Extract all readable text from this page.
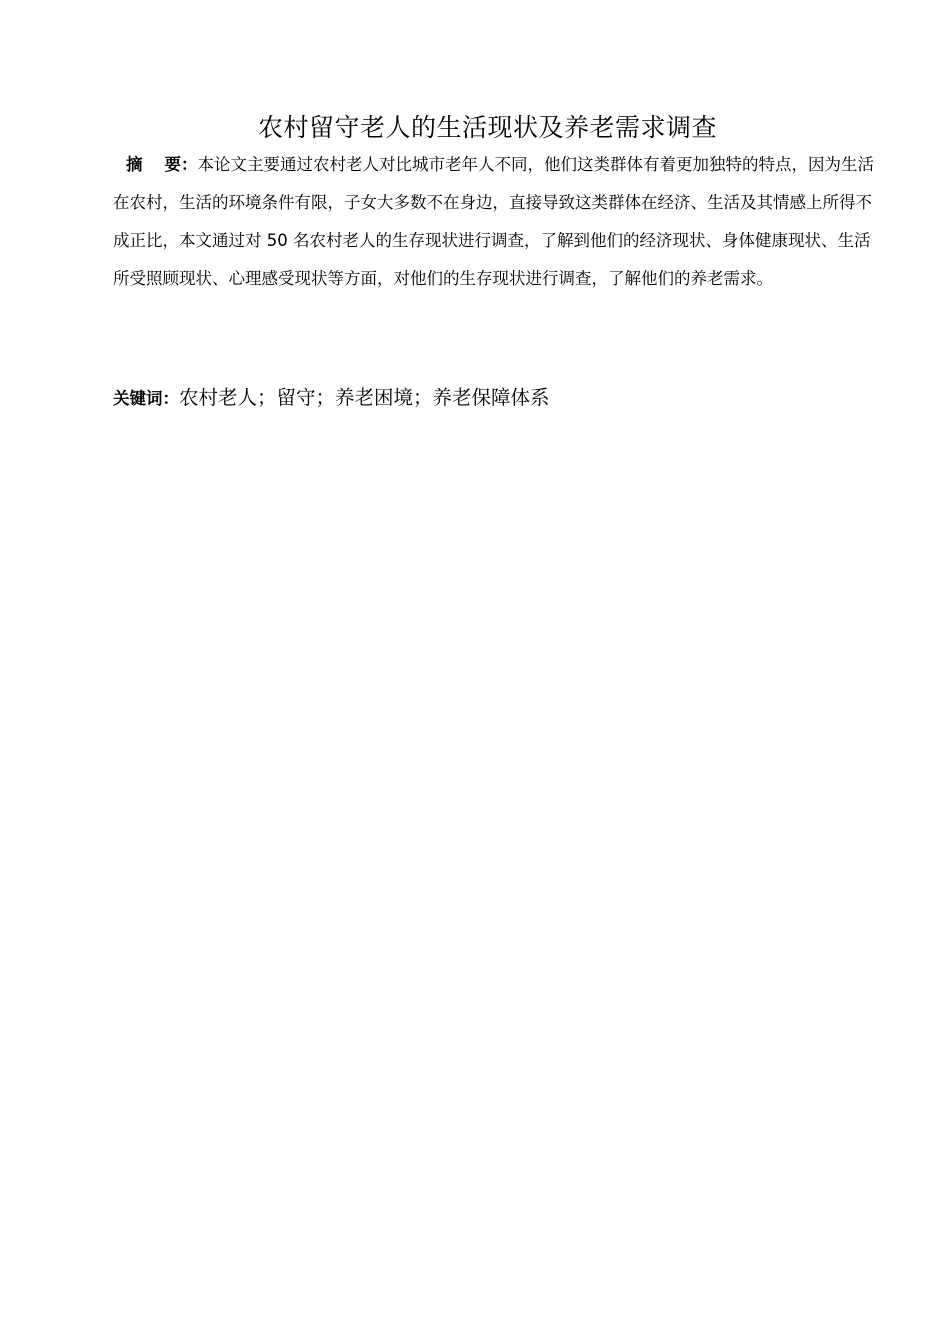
农村留守老人的生活现状及养老需求调查
摘 要：本论文主要通过农村老人对比城市老年人不同，他们这类群体有着更加独特的特点，因为生活在农村，生活的环境条件有限，子女大多数不在身边，直接导致这类群体在经济、生活及其情感上所得不成正比，本文通过对 50 名农村老人的生存现状进行调查，了解到他们的经济现状、身体健康现状、生活所受照顾现状、心理感受现状等方面，对他们的生存现状进行调查，了解他们的养老需求。
关键词：农村老人；留守；养老困境；养老保障体系
